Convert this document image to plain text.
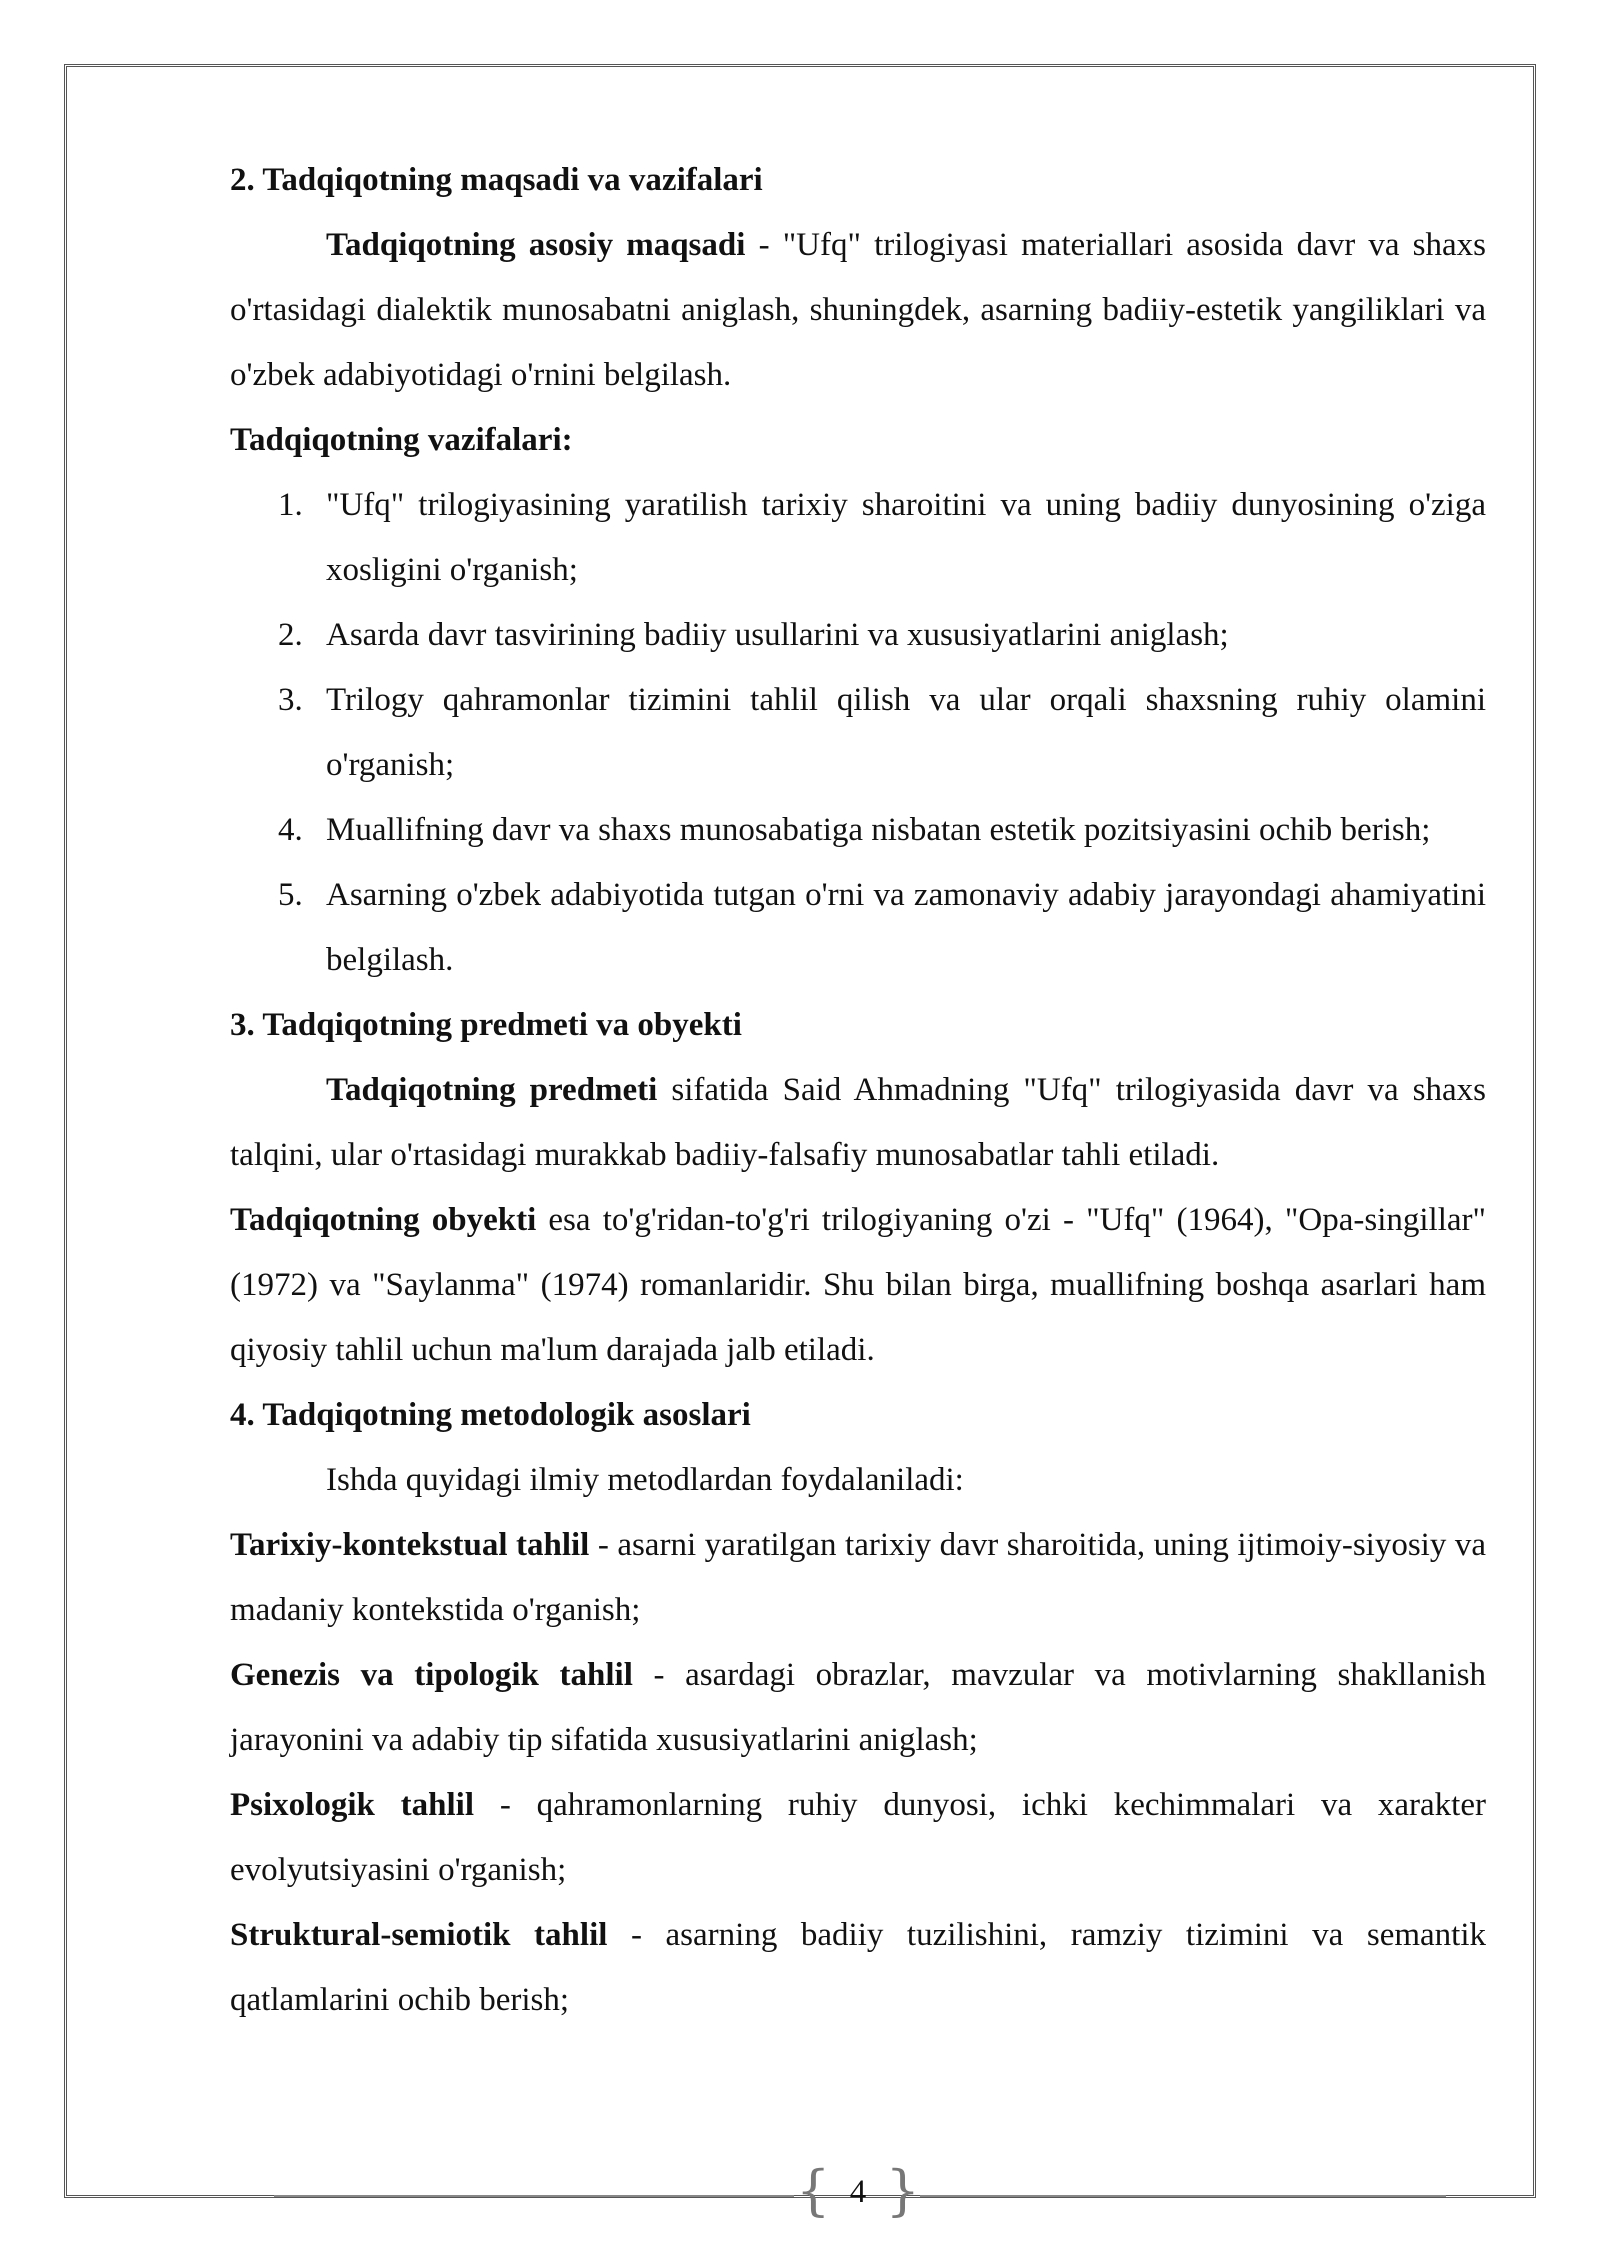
2. Tadqiqotning maqsadi va vazifalari

Tadqiqotning asosiy maqsadi - "Ufq" trilogiyasi materiallari asosida davr va shaxs o'rtasidagi dialektik munosabatni aniglash, shuningdek, asarning badiiy-estetik yangiliklari va o'zbek adabiyotidagi o'rnini belgilash.

Tadqiqotning vazifalari:

1. "Ufq" trilogiyasining yaratilish tarixiy sharoitini va uning badiiy dunyosining o'ziga xosligini o'rganish;
2. Asarda davr tasvirining badiiy usullarini va xususiyatlarini aniglash;
3. Trilogy qahramonlar tizimini tahlil qilish va ular orqali shaxsning ruhiy olamini o'rganish;
4. Muallifning davr va shaxs munosabatiga nisbatan estetik pozitsiyasini ochib berish;
5. Asarning o'zbek adabiyotida tutgan o'rni va zamonaviy adabiy jarayondagi ahamiyatini belgilash.

3. Tadqiqotning predmeti va obyekti

Tadqiqotning predmeti sifatida Said Ahmadning "Ufq" trilogiyasida davr va shaxs talqini, ular o'rtasidagi murakkab badiiy-falsafiy munosabatlar tahli etiladi.

Tadqiqotning obyekti esa to'g'ridan-to'g'ri trilogiyaning o'zi - "Ufq" (1964), "Opa-singillar" (1972) va "Saylanma" (1974) romanlaridir. Shu bilan birga, muallifning boshqa asarlari ham qiyosiy tahlil uchun ma'lum darajada jalb etiladi.

4. Tadqiqotning metodologik asoslari

Ishda quyidagi ilmiy metodlardan foydalaniladi:

Tarixiy-kontekstual tahlil - asarni yaratilgan tarixiy davr sharoitida, uning ijtimoiy-siyosiy va madaniy kontekstida o'rganish;

Genezis va tipologik tahlil - asardagi obrazlar, mavzular va motivlarning shakllanish jarayonini va adabiy tip sifatida xususiyatlarini aniglash;

Psixologik tahlil - qahramonlarning ruhiy dunyosi, ichki kechimmalari va xarakter evolyutsiyasini o'rganish;

Struktural-semiotik tahlil - asarning badiiy tuzilishini, ramziy tizimini va semantik qatlamlarini ochib berish;

{ 4 }
